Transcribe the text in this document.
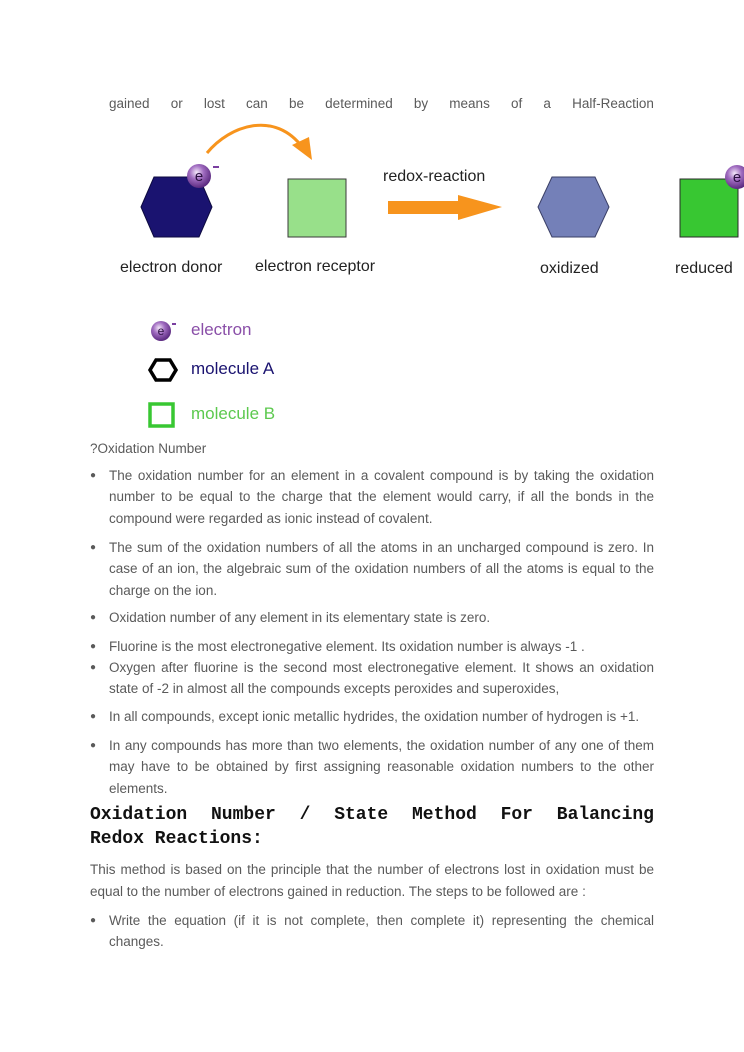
gained or lost can be determined by means of a Half-Reaction
e	e
electron donor electron receptor
redox-reaction
oxidized	reduced
e electron
molecule A
molecule B
?Oxidation Number
● The oxidation number for an element in a covalent compound is by taking the oxidation number to be equal to the charge that the element would carry, if all the bonds in the compound were regarded as ionic instead of covalent.
● The sum of the oxidation numbers of all the atoms in an uncharged compound is zero. In case of an ion, the algebraic sum of the oxidation numbers of all the atoms is equal to the charge on the ion.
● Oxidation number of any element in its elementary state is zero.
● Fluorine is the most electronegative element. Its oxidation number is always -1 .
● Oxygen after fluorine is the second most electronegative element. It shows an oxidation state of -2 in almost all the compounds excepts peroxides and superoxides,
● In all compounds, except ionic metallic hydrides, the oxidation number of hydrogen is +1.
● In any compounds has more than two elements, the oxidation number of any one of them may have to be obtained by first assigning reasonable oxidation numbers to the other elements.
Oxidation Number / State Method For Balancing
Redox Reactions:

This method is based on the principle that the number of electrons lost in oxidation must be equal to the number of electrons gained in reduction. The steps to be followed are :

● Write the equation (if it is not complete, then complete it) representing the chemical changes.
